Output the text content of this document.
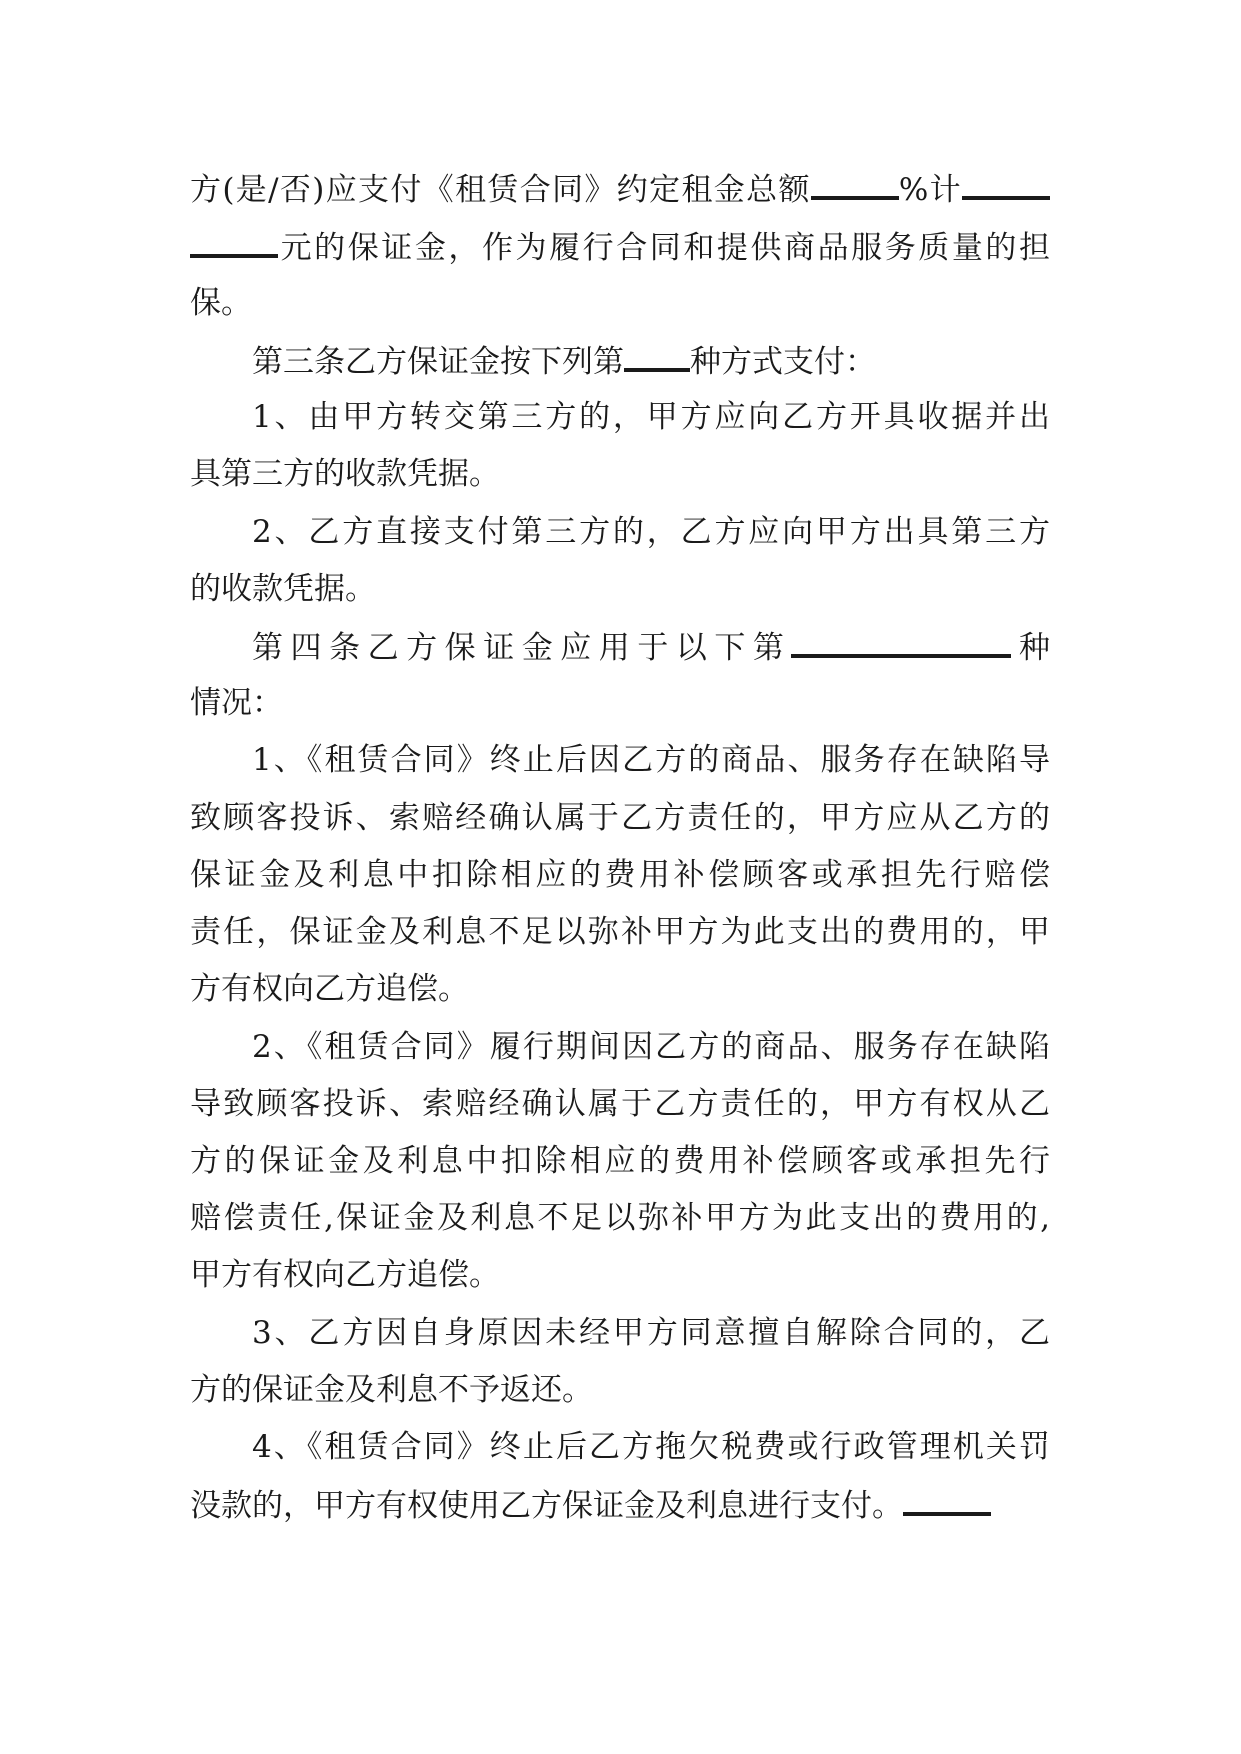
方(是/否)应支付《租赁合同》约定租金总额	%计
元的保证金，作为履行合同和提供商品服务质量的担
保。
第三条乙方保证金按下列第 种方式支付：
1、由甲方转交第三方的，甲方应向乙方开具收据并出
具第三方的收款凭据。
2、乙方直接支付第三方的，乙方应向甲方出具第三方
的收款凭据。
第四条乙方保证金应用于以下第	种
情况：
1、《租赁合同》终止后因乙方的商品、服务存在缺陷导
致顾客投诉、索赔经确认属于乙方责任的，甲方应从乙方的
保证金及利息中扣除相应的费用补偿顾客或承担先行赔偿
责任，保证金及利息不足以弥补甲方为此支出的费用的，甲
方有权向乙方追偿。
2、《租赁合同》履行期间因乙方的商品、服务存在缺陷
导致顾客投诉、索赔经确认属于乙方责任的，甲方有权从乙
方的保证金及利息中扣除相应的费用补偿顾客或承担先行
赔偿责任,保证金及利息不足以弥补甲方为此支出的费用的,
甲方有权向乙方追偿。
3、乙方因自身原因未经甲方同意擅自解除合同的，乙
方的保证金及利息不予返还。
4、《租赁合同》终止后乙方拖欠税费或行政管理机关罚
没款的，甲方有权使用乙方保证金及利息进行支付。
